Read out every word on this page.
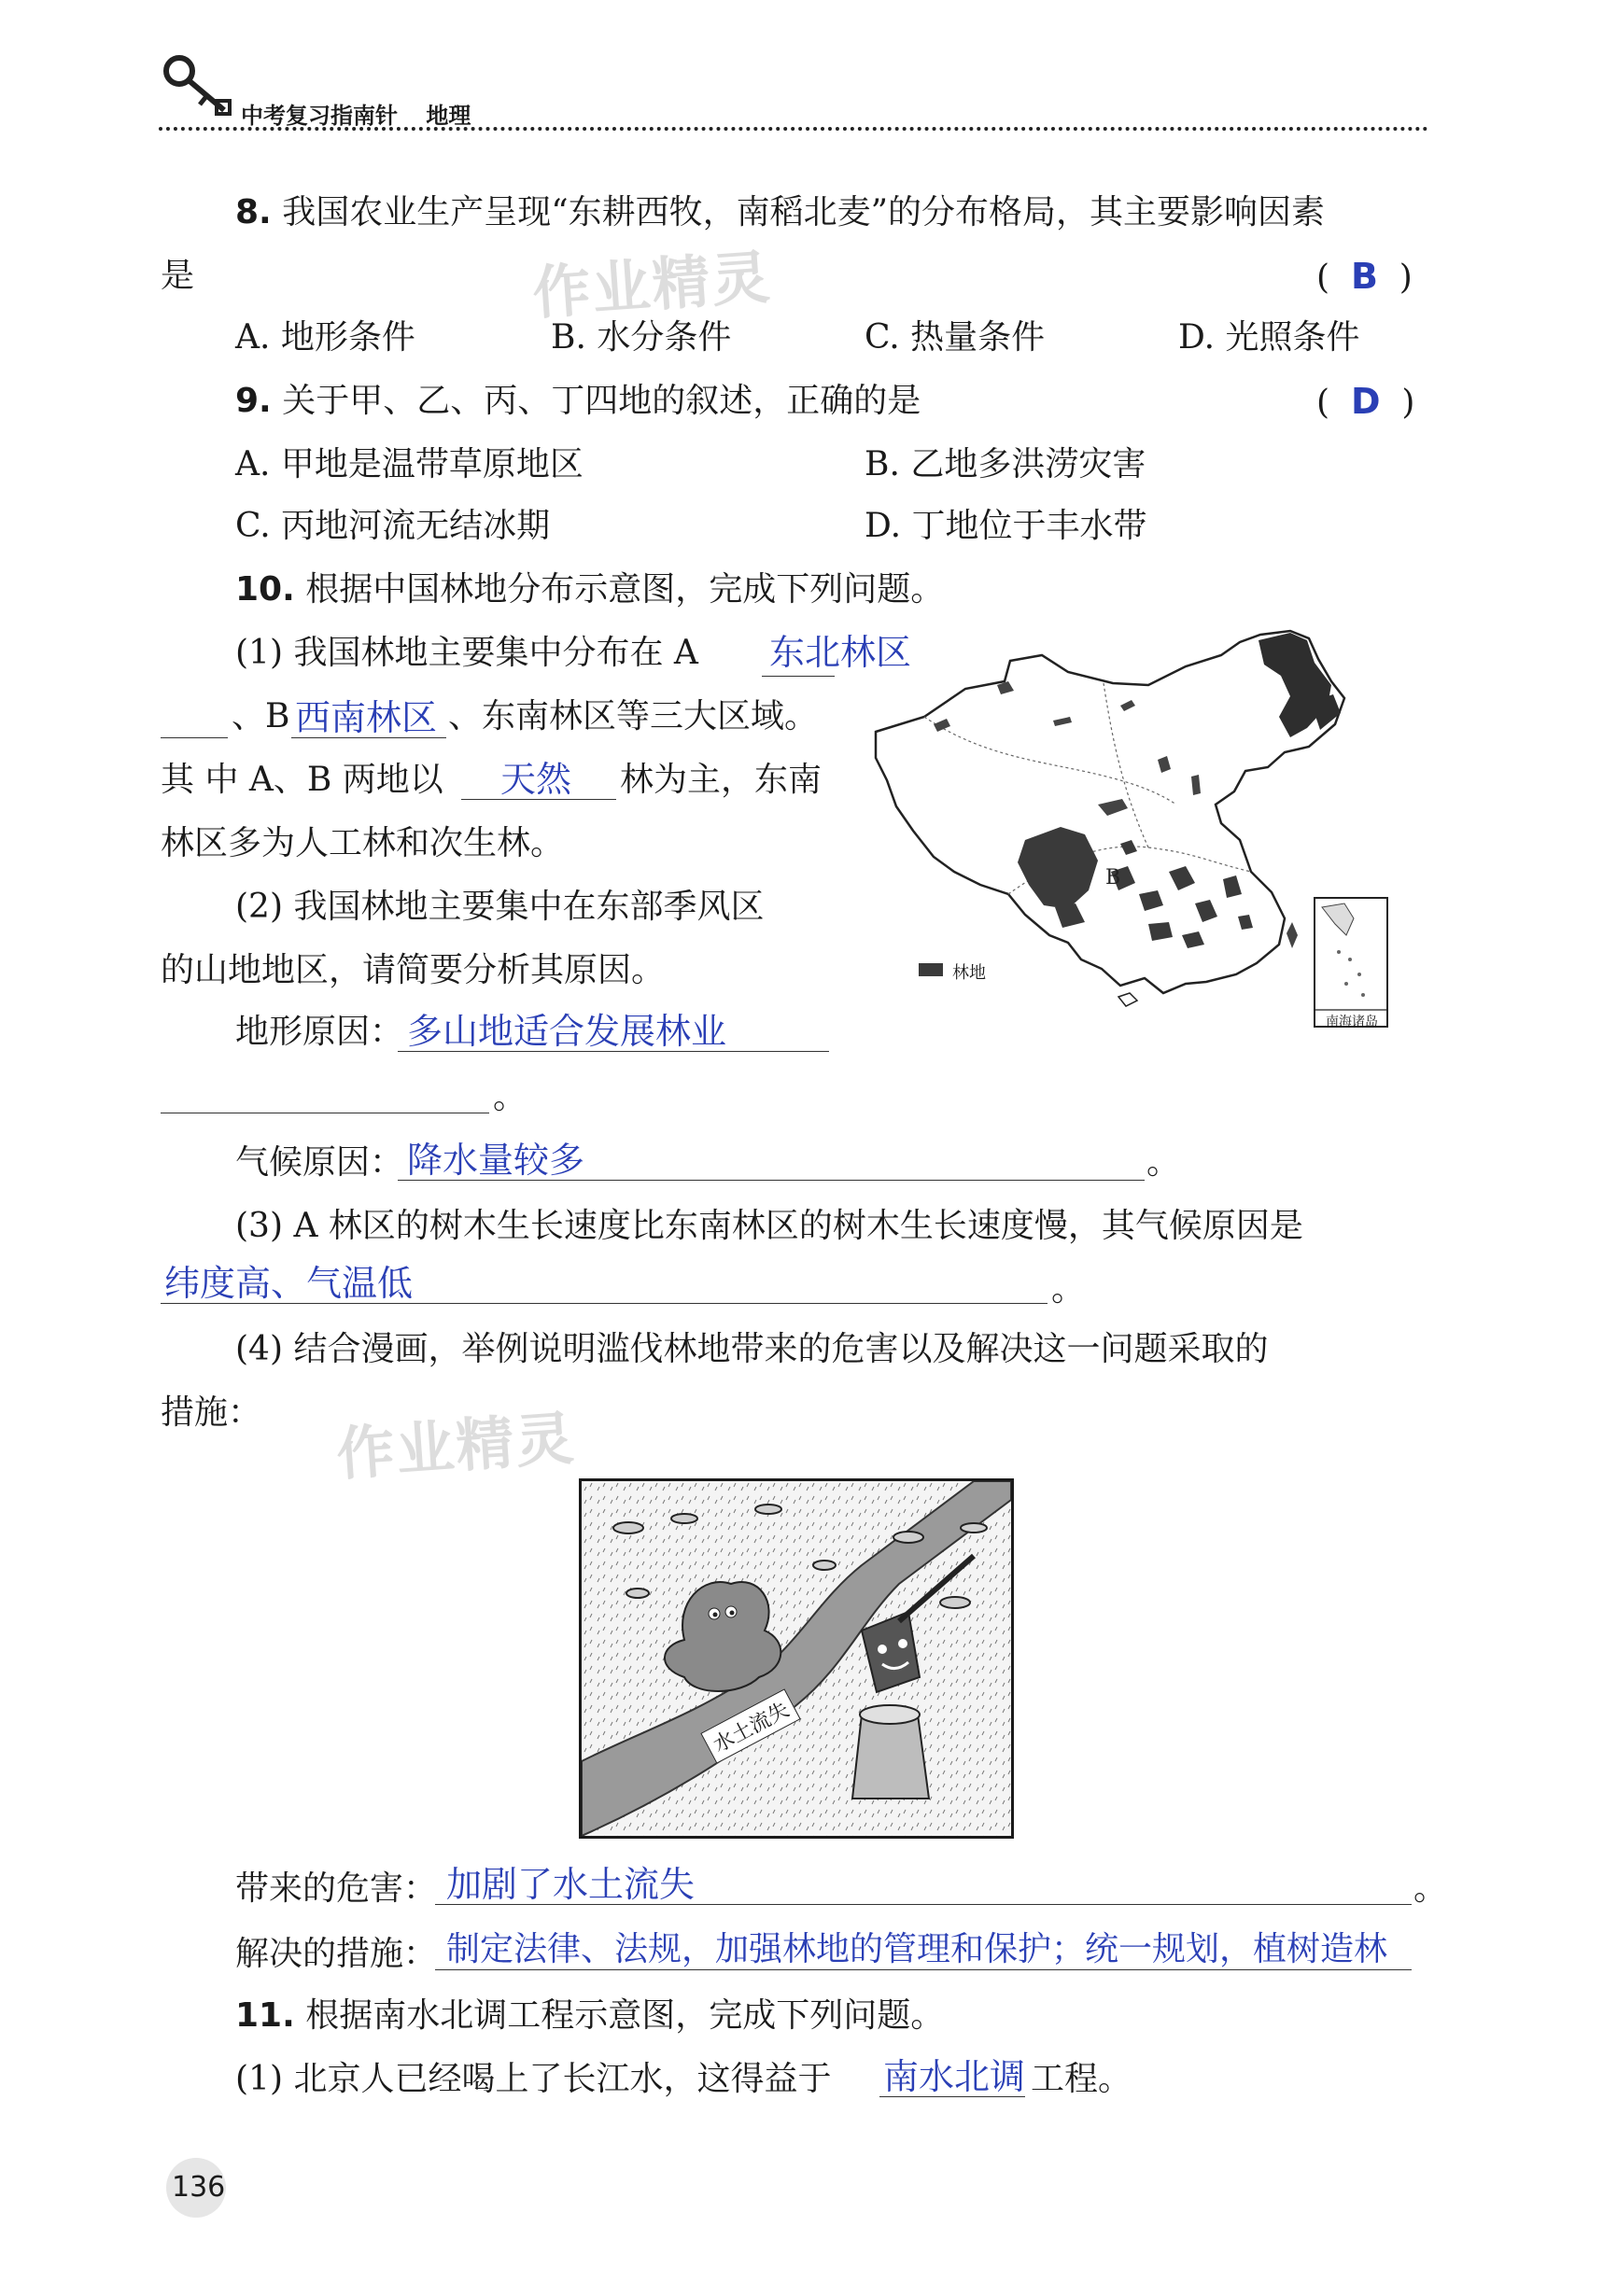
中考复习指南针 地理
作业精灵
作业精灵
8. 我国农业生产呈现“东耕西牧，南稻北麦”的分布格局，其主要影响因素
是	(  B  )
A. 地形条件	B. 水分条件	C. 热量条件	D. 光照条件
9. 关于甲、乙、丙、丁四地的叙述，正确的是	(  D  )
A. 甲地是温带草原地区	B. 乙地多洪涝灾害
C. 丙地河流无结冰期	D. 丁地位于丰水带
10. 根据中国林地分布示意图，完成下列问题。
(1) 我国林地主要集中分布在 A 东北林区
、B 西南林区 、东南林区等三大区域。
其 中 A、B 两地以 天然 林为主，东南
林区多为人工林和次生林。
(2) 我国林地主要集中在东部季风区
的山地地区，请简要分析其原因。
地形原因： 多山地适合发展林业
。
气候原因： 降水量较多	。
(3) A 林区的树木生长速度比东南林区的树木生长速度慢，其气候原因是
纬度高、气温低	。
(4) 结合漫画，举例说明滥伐林地带来的危害以及解决这一问题采取的
措施：
带来的危害： 加剧了水土流失	。
解决的措施： 制定法律、法规，加强林地的管理和保护；统一规划，植树造林
A
B
林地
南海诸岛
水土流失
11. 根据南水北调工程示意图，完成下列问题。
(1) 北京人已经喝上了长江水，这得益于 南水北调 工程。
136
